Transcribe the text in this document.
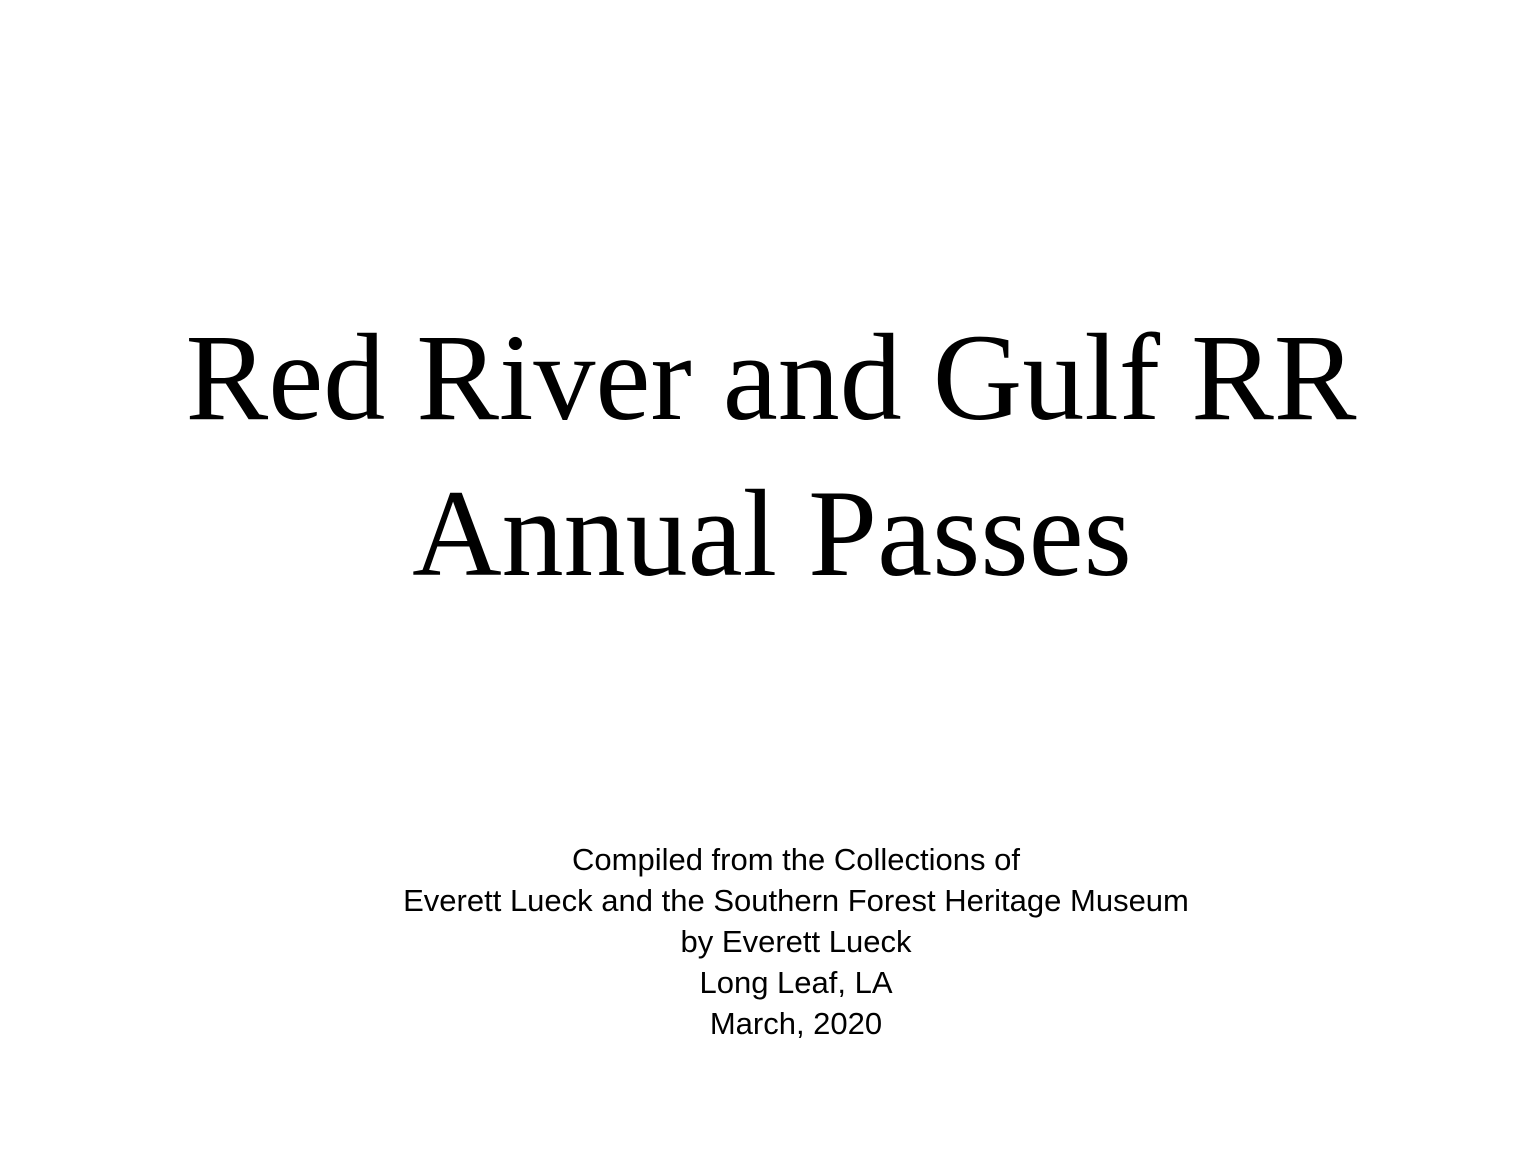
Red River and Gulf RR
Annual Passes
Compiled from the Collections of
Everett Lueck and the Southern Forest Heritage Museum
by Everett Lueck
Long Leaf, LA
March, 2020
